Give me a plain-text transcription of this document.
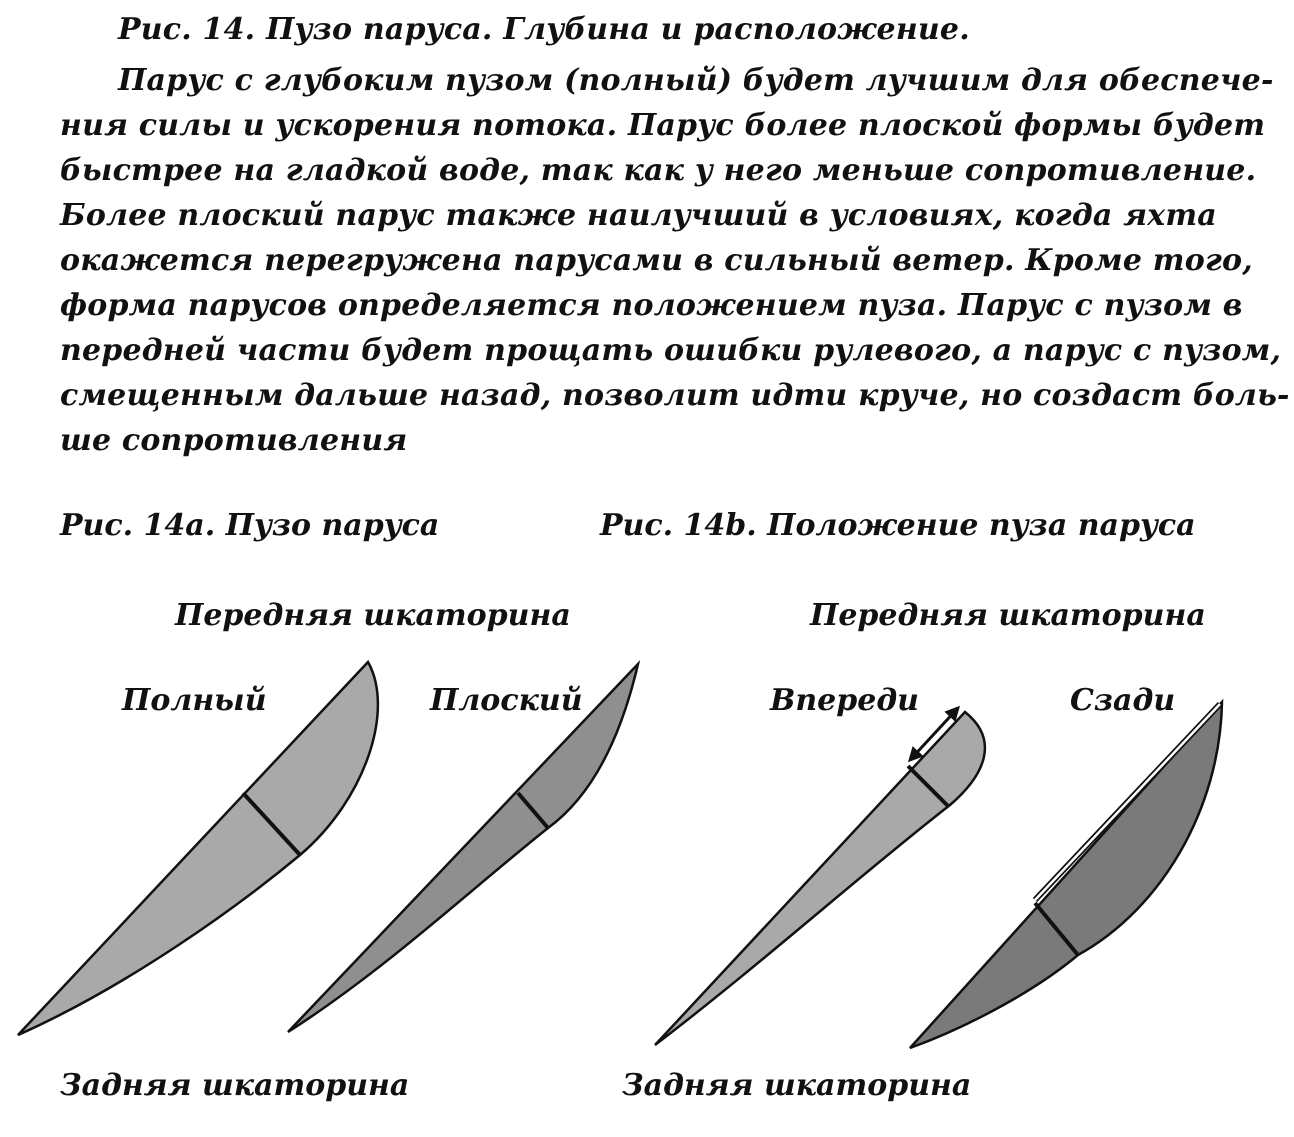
Рис. 14. Пузо паруса. Глубина и расположение.
Парус с глубоким пузом (полный) будет лучшим для обеспече-
ния силы и ускорения потока. Парус более плоской формы будет
быстрее на гладкой воде, так как у него меньше сопротивление.
Более плоский парус также наилучший в условиях, когда яхта
окажется перегружена парусами в сильный ветер. Кроме того,
форма парусов определяется положением пуза. Парус с пузом в
передней части будет прощать ошибки рулевого, а парус с пузом,
смещенным дальше назад, позволит идти круче, но создаст боль-
ше сопротивления
Рис. 14а. Пузо паруса	Рис. 14b. Положение пуза паруса
Передняя шкаторина	Передняя шкаторина
Полный	Плоский	Впереди	Сзади
Задняя шкаторина	Задняя шкаторина
